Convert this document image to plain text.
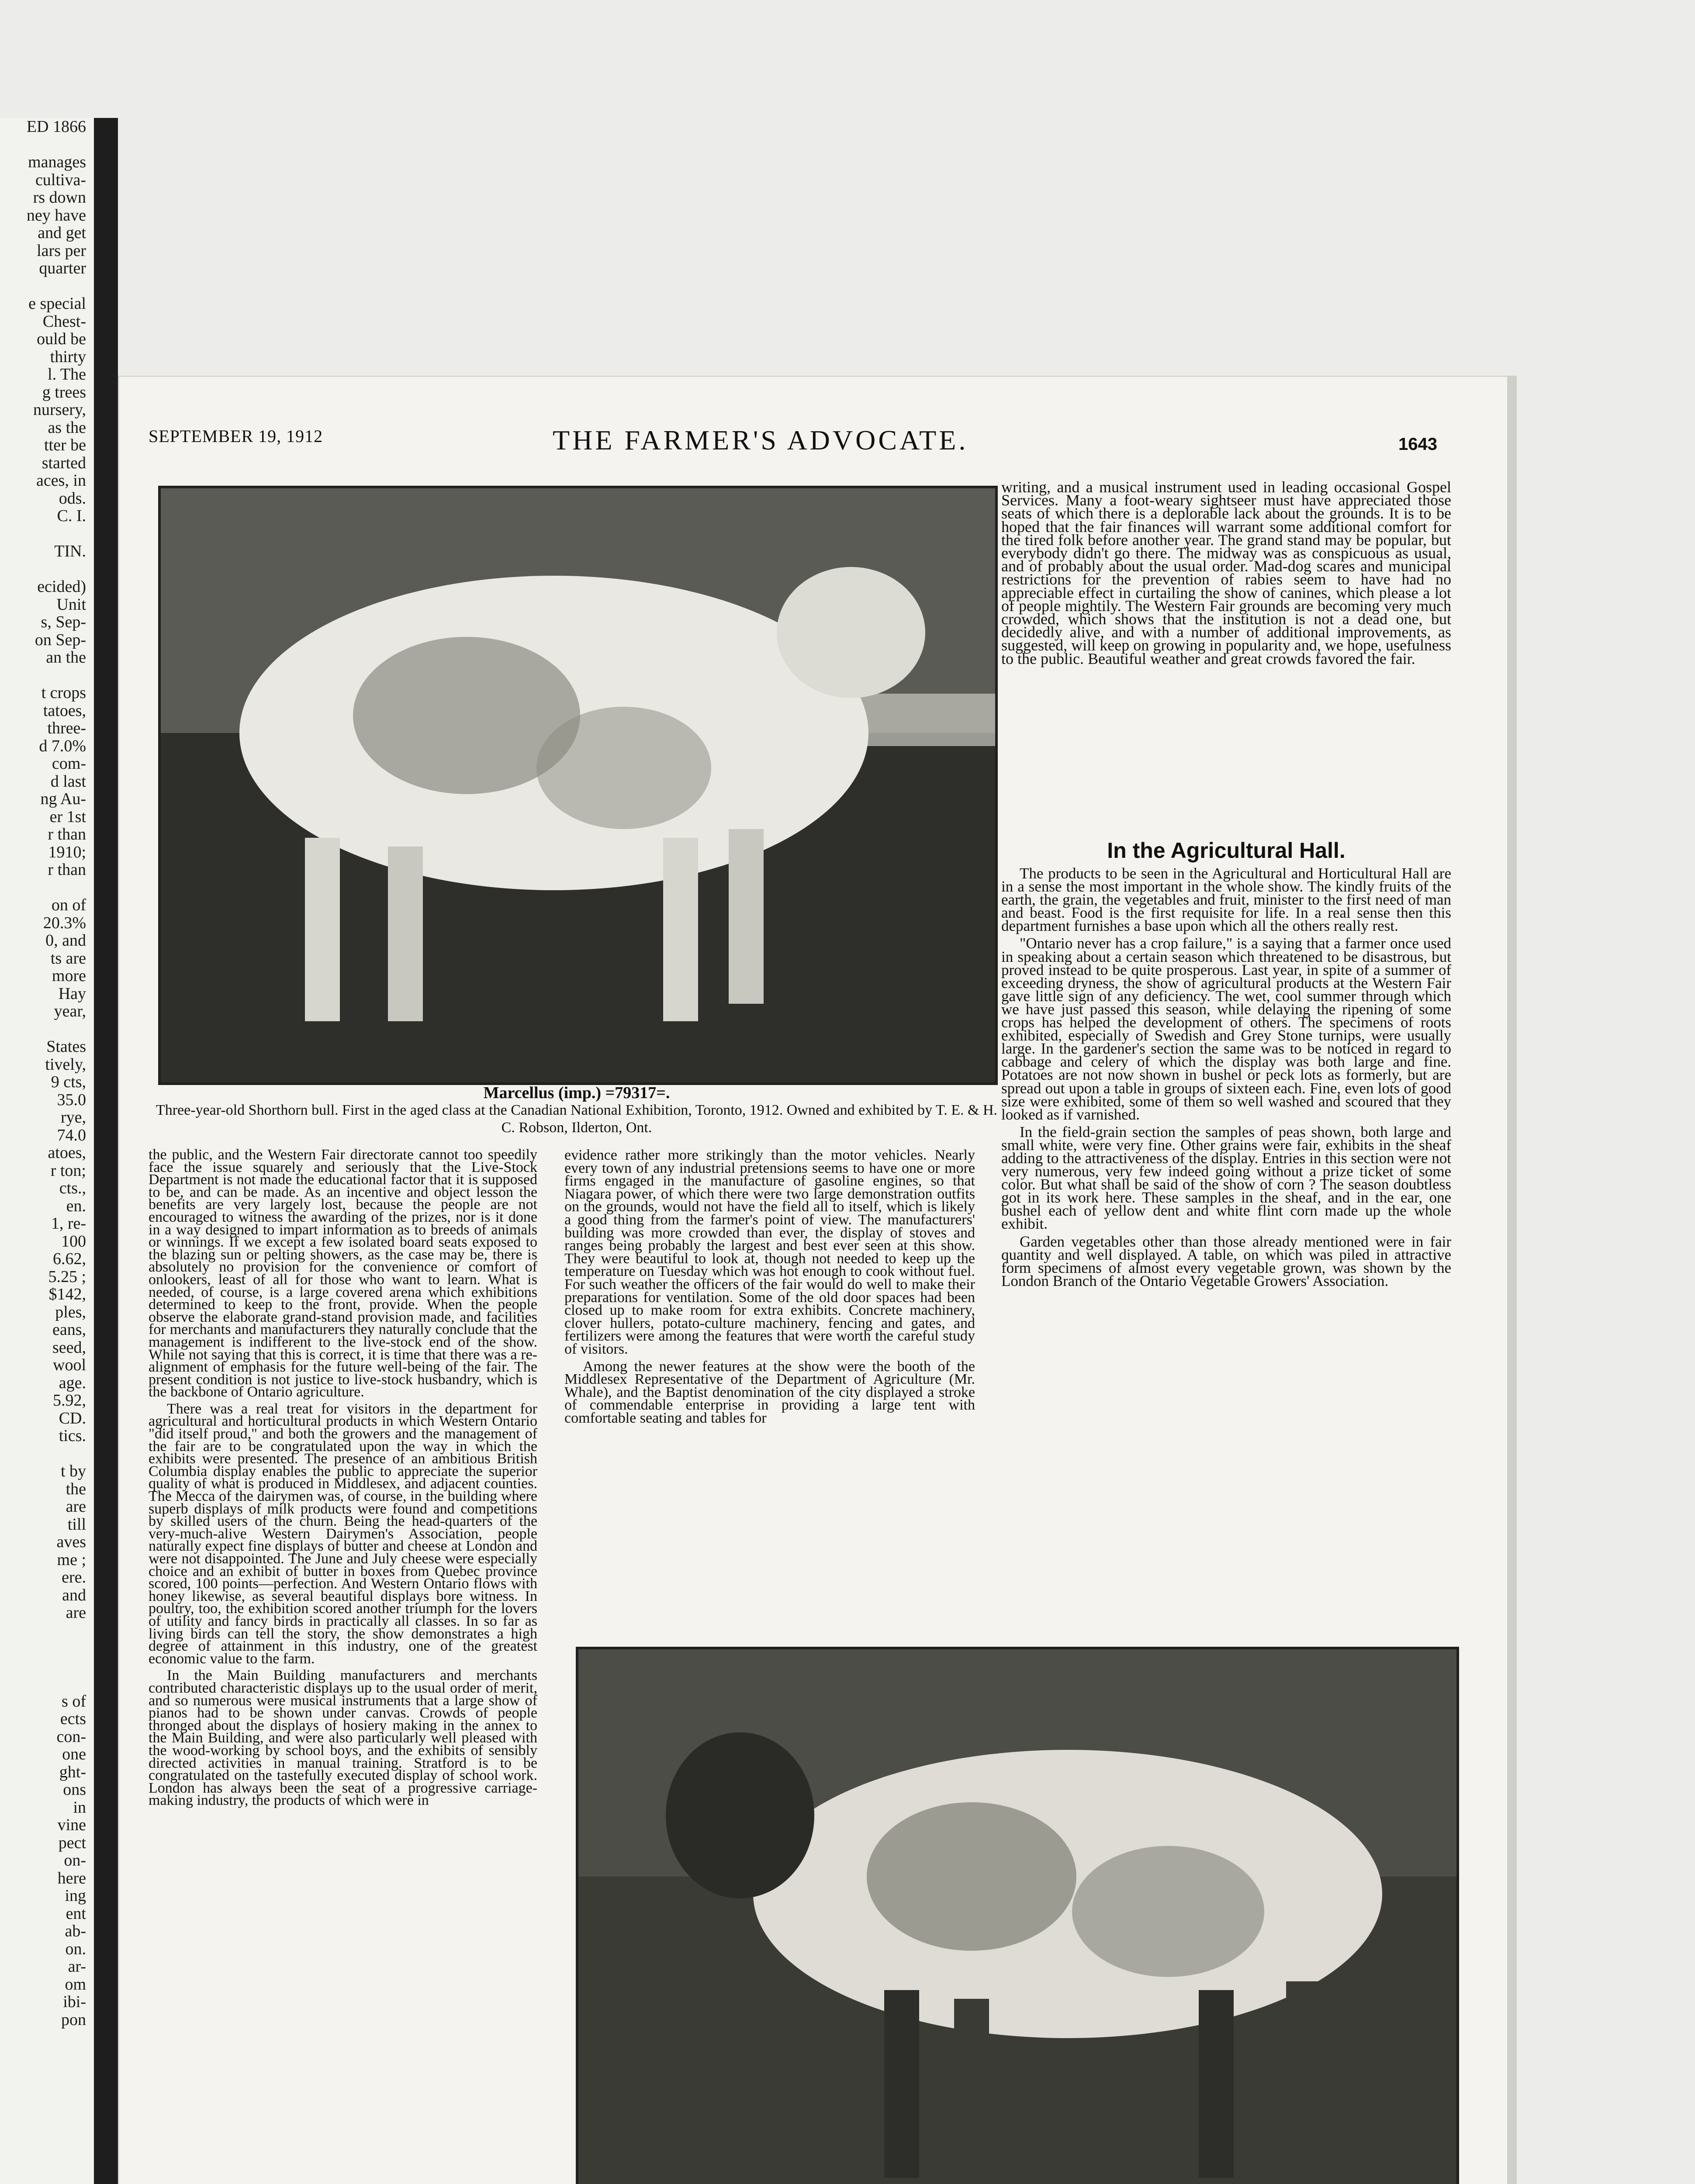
ED 1866

manages
cultiva-
rs down
ney have
and get
lars per
quarter

e special
Chest-
ould be
thirty
l. The
g trees
nursery,
as the
tter be
started
aces, in
ods.
C. I.

TIN.

ecided)
Unit
s, Sep-
on Sep-
an the

t crops
tatoes,
three-
d 7.0%
com-
d last
ng Au-
er 1st
r than
1910;
r than

on of
20.3%
0, and
ts are
more
Hay
year,

States
tively,
9 cts,
35.0
rye,
74.0
atoes,
r ton;
cts.,
en.
1, re-
100
6.62,
5.25 ;
$142,
ples,
eans,
seed,
wool
age.
5.92,
CD.
tics.

t by
the
are
till
aves
me ;
ere.
and
are

s of
ects
con-
one
ght-
ons
in
vine
pect
on-
here
ing
ent
ab-
on.
ar-
om
ibi-
pon
SEPTEMBER 19, 1912	THE FARMER'S ADVOCATE.	1643
Marcellus (imp.) =79317=.
Three-year-old Shorthorn bull. First in the aged class at the Canadian National Exhibition, Toronto, 1912. Owned and exhibited by T. E. & H. C. Robson, Ilderton, Ont.

the public, and the Western Fair directorate cannot too speedily face the issue squarely and seriously that the Live-Stock Department is not made the educational factor that it is supposed to be, and can be made. As an incentive and object lesson the benefits are very largely lost, because the people are not encouraged to witness the awarding of the prizes, nor is it done in a way designed to impart information as to breeds of animals or winnings. If we except a few isolated board seats exposed to the blazing sun or pelting showers, as the case may be, there is absolutely no provision for the convenience or comfort of onlookers, least of all for those who want to learn. What is needed, of course, is a large covered arena which exhibitions determined to keep to the front, provide. When the people observe the elaborate grand-stand provision made, and facilities for merchants and manufacturers they naturally conclude that the management is indifferent to the live-stock end of the show. While not saying that this is correct, it is time that there was a re-alignment of emphasis for the future well-being of the fair. The present condition is not justice to live-stock husbandry, which is the backbone of Ontario agriculture.

There was a real treat for visitors in the department for agricultural and horticultural products in which Western Ontario "did itself proud," and both the growers and the management of the fair are to be congratulated upon the way in which the exhibits were presented. The presence of an ambitious British Columbia display enables the public to appreciate the superior quality of what is produced in Middlesex, and adjacent counties. The Mecca of the dairymen was, of course, in the building where superb displays of milk products were found and competitions by skilled users of the churn. Being the head-quarters of the very-much-alive Western Dairymen's Association, people naturally expect fine displays of butter and cheese at London and were not disappointed. The June and July cheese were especially choice and an exhibit of butter in boxes from Quebec province scored, 100 points—perfection. And Western Ontario flows with honey likewise, as several beautiful displays bore witness. In poultry, too, the exhibition scored another triumph for the lovers of utility and fancy birds in practically all classes. In so far as living birds can tell the story, the show demonstrates a high degree of attainment in this industry, one of the greatest economic value to the farm.

In the Main Building manufacturers and merchants contributed characteristic displays up to the usual order of merit, and so numerous were musical instruments that a large show of pianos had to be shown under canvas. Crowds of people thronged about the displays of hosiery making in the annex to the Main Building, and were also particularly well pleased with the wood-working by school boys, and the exhibits of sensibly directed activities in manual training. Stratford is to be congratulated on the tastefully executed display of school work. London has always been the seat of a progressive carriage-making industry, the products of which were in

evidence rather more strikingly than the motor vehicles. Nearly every town of any industrial pretensions seems to have one or more firms engaged in the manufacture of gasoline engines, so that Niagara power, of which there were two large demonstration outfits on the grounds, would not have the field all to itself, which is likely a good thing from the farmer's point of view. The manufacturers' building was more crowded than ever, the display of stoves and ranges being probably the largest and best ever seen at this show. They were beautiful to look at, though not needed to keep up the temperature on Tuesday which was hot enough to cook without fuel. For such weather the officers of the fair would do well to make their preparations for ventilation. Some of the old door spaces had been closed up to make room for extra exhibits. Concrete machinery, clover hullers, potato-culture machinery, fencing and gates, and fertilizers were among the features that were worth the careful study of visitors.

Among the newer features at the show were the booth of the Middlesex Representative of the Department of Agriculture (Mr. Whale), and the Baptist denomination of the city displayed a stroke of commendable enterprise in providing a large tent with comfortable seating and tables for

writing, and a musical instrument used in leading occasional Gospel Services. Many a foot-weary sightseer must have appreciated those seats of which there is a deplorable lack about the grounds. It is to be hoped that the fair finances will warrant some additional comfort for the tired folk before another year. The grand stand may be popular, but everybody didn't go there. The midway was as conspicuous as usual, and of probably about the usual order. Mad-dog scares and municipal restrictions for the prevention of rabies seem to have had no appreciable effect in curtailing the show of canines, which please a lot of people mightily. The Western Fair grounds are becoming very much crowded, which shows that the institution is not a dead one, but decidedly alive, and with a number of additional improvements, as suggested, will keep on growing in popularity and, we hope, usefulness to the public. Beautiful weather and great crowds favored the fair.

In the Agricultural Hall.

The products to be seen in the Agricultural and Horticultural Hall are in a sense the most important in the whole show. The kindly fruits of the earth, the grain, the vegetables and fruit, minister to the first need of man and beast. Food is the first requisite for life. In a real sense then this department furnishes a base upon which all the others really rest.

"Ontario never has a crop failure," is a saying that a farmer once used in speaking about a certain season which threatened to be disastrous, but proved instead to be quite prosperous. Last year, in spite of a summer of exceeding dryness, the show of agricultural products at the Western Fair gave little sign of any deficiency. The wet, cool summer through which we have just passed this season, while delaying the ripening of some crops has helped the development of others. The specimens of roots exhibited, especially of Swedish and Grey Stone turnips, were usually large. In the gardener's section the same was to be noticed in regard to cabbage and celery of which the display was both large and fine. Potatoes are not now shown in bushel or peck lots as formerly, but are spread out upon a table in groups of sixteen each. Fine, even lots of good size were exhibited, some of them so well washed and scoured that they looked as if varnished.

In the field-grain section the samples of peas shown, both large and small white, were very fine. Other grains were fair, exhibits in the sheaf adding to the attractiveness of the display. Entries in this section were not very numerous, very few indeed going without a prize ticket of some color. But what shall be said of the show of corn ? The season doubtless got in its work here. These samples in the sheaf, and in the ear, one bushel each of yellow dent and white flint corn made up the whole exhibit.

Garden vegetables other than those already mentioned were in fair quantity and well displayed. A table, on which was piled in attractive form specimens of almost every vegetable grown, was shown by the London Branch of the Ontario Vegetable Growers' Association.
